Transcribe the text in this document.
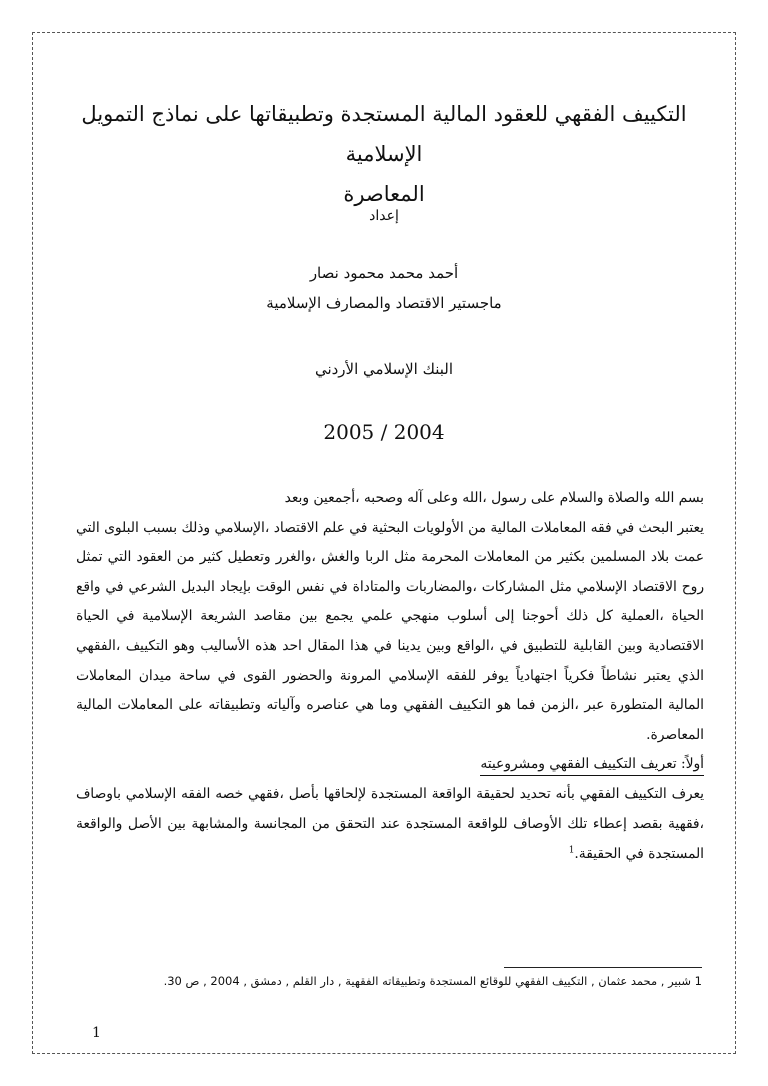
التكييف الفقهي للعقود المالية المستجدة وتطبيقاتها على نماذج التمويل الإسلامية
المعاصرة
إعداد
أحمد محمد محمود نصار
ماجستير الاقتصاد والمصارف الإسلامية
البنك الإسلامي الأردني
2005 / 2004

بسم الله والصلاة والسلام على رسول ،الله وعلى آله وصحبه ،أجمعين وبعد

يعتبر البحث في فقه المعاملات المالية من الأولويات البحثية في علم الاقتصاد ،الإسلامي وذلك بسبب البلوى التي عمت بلاد المسلمين بكثير من المعاملات المحرمة مثل الربا والغش ،والغرر وتعطيل كثير من العقود التي تمثل روح الاقتصاد الإسلامي مثل المشاركات ،والمضاربات والمتاداة في نفس الوقت بإيجاد البديل الشرعي في واقع الحياة ،العملية كل ذلك أحوجنا إلى أسلوب منهجي علمي يجمع بين مقاصد الشريعة الإسلامية في الحياة الاقتصادية وبين القابلية للتطبيق في ،الواقع وبين يدينا في هذا المقال احد هذه الأساليب وهو التكييف ،الفقهي الذي يعتبر نشاطاً فكرياً اجتهادياً يوفر للفقه الإسلامي المرونة والحضور القوى في ساحة ميدان المعاملات المالية المتطورة عبر ،الزمن فما هو التكييف الفقهي وما هي عناصره وآلياته وتطبيقاته على المعاملات المالية المعاصرة.

أولاً: تعريف التكييف الفقهي ومشروعيته

يعرف التكييف الفقهي بأنه تحديد لحقيقة الواقعة المستجدة لإلحاقها بأصل ،فقهي خصه الفقه الإسلامي باوصاف ،فقهية بقصد إعطاء تلك الأوصاف للواقعة المستجدة عند التحقق من المجانسة والمشابهة بين الأصل والواقعة المستجدة في الحقيقة.$^1$

1 شبير , محمد عثمان , التكييف الفقهي للوقائع المستجدة وتطبيقاته الفقهية , دار القلم , دمشق , 2004 , ص 30.
1
